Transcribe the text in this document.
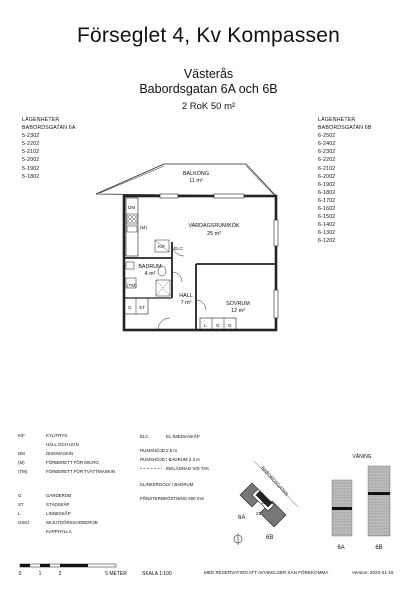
Förseglet 4, Kv Kompassen
Västerås
Babordsgatan 6A och 6B
2 RoK 50 m²
LÄGENHETER
BABORDSGATAN 6A
5-2302
5-2202
5-2102
5-2002
5-1902
5-1802
LÄGENHETER
BABORDSGATAN 6B
6-2502
6-2402
6-2302
6-2202
6-2102
6-2002
6-1902
6-1802
6-1702
6-1602
6-1502
6-1402
6-1302
6-1202
BALKONG
11 m²
VARDAGSRUM/KÖK
25 m²
BADRUM
4 m²
HALL
7 m²	SOVRUM
12 m²
DM
(M)
K/F ELC
(TM)
G ST
L G G
K/F	KYL/FRYS
HÄLL OCH UGN
DM	DISKMASKIN
(M)	FÖRBERETT FÖR MICRO
(TM)	FÖRBERETT FÖR TVÄTTMASKIN
G	GARDEROB
ST	STÄDSKÅP
L	LINNESKÅP
GSKJ	SKJUTDÖRSGARDEROB
KAPPHYLLA
ELC	EL-/MEDIASKÅP
RUMSHÖJD 2.5 m
RUMSHÖJD I BADRUM 2.3 m
INKLÄDNAD VID TAK
KLINKERGOLV I BADRUM
FÖNSTERBRÖSTNING 800 mm
BABORDSGATAN
6A
6B
12
21
VÅNING
6A	6B
0	1	2	5 METER	SKALA 1:100	MED RESERVATION ATT AVVIKELSER KAN FÖREKOMMA	Version: 2023-01-16
